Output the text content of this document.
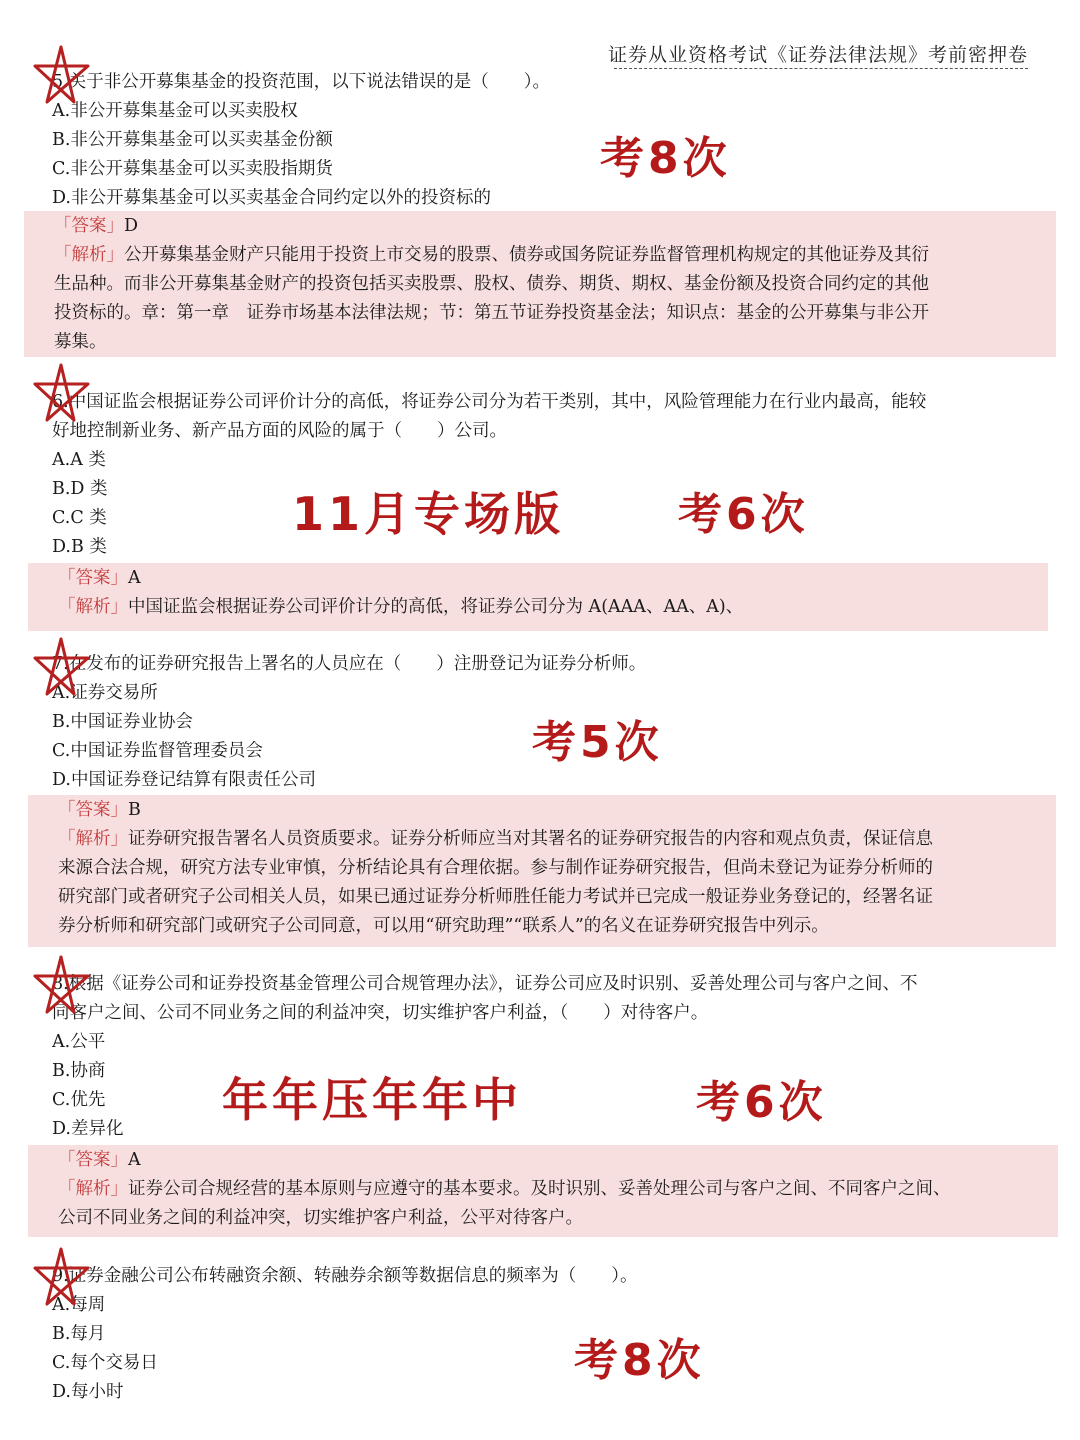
证券从业资格考试《证券法律法规》考前密押卷
5.关于非公开募集基金的投资范围，以下说法错误的是（　　）。
A.非公开募集基金可以买卖股权
B.非公开募集基金可以买卖基金份额
C.非公开募集基金可以买卖股指期货
D.非公开募集基金可以买卖基金合同约定以外的投资标的
「答案」D
「解析」公开募集基金财产只能用于投资上市交易的股票、债券或国务院证券监督管理机构规定的其他证券及其衍
生品种。而非公开募集基金财产的投资包括买卖股票、股权、债券、期货、期权、基金份额及投资合同约定的其他
投资标的。章：第一章　证券市场基本法律法规；节：第五节证券投资基金法；知识点：基金的公开募集与非公开
募集。
6.中国证监会根据证券公司评价计分的高低，将证券公司分为若干类别，其中，风险管理能力在行业内最高，能较
好地控制新业务、新产品方面的风险的属于（　　）公司。
A.A 类
B.D 类
C.C 类
D.B 类
「答案」A
「解析」中国证监会根据证券公司评价计分的高低，将证券公司分为 A(AAA、AA、A)、
7.在发布的证券研究报告上署名的人员应在（　　）注册登记为证券分析师。
A.证券交易所
B.中国证券业协会
C.中国证券监督管理委员会
D.中国证券登记结算有限责任公司
「答案」B
「解析」证券研究报告署名人员资质要求。证券分析师应当对其署名的证券研究报告的内容和观点负责，保证信息
来源合法合规，研究方法专业审慎，分析结论具有合理依据。参与制作证券研究报告，但尚未登记为证券分析师的
研究部门或者研究子公司相关人员，如果已通过证券分析师胜任能力考试并已完成一般证券业务登记的，经署名证
券分析师和研究部门或研究子公司同意，可以用“研究助理”“联系人”的名义在证券研究报告中列示。
8.根据《证券公司和证券投资基金管理公司合规管理办法》，证券公司应及时识别、妥善处理公司与客户之间、不
同客户之间、公司不同业务之间的利益冲突，切实维护客户利益，（　　）对待客户。
A.公平
B.协商
C.优先
D.差异化
「答案」A
「解析」证券公司合规经营的基本原则与应遵守的基本要求。及时识别、妥善处理公司与客户之间、不同客户之间、
公司不同业务之间的利益冲突，切实维护客户利益，公平对待客户。
9.证券金融公司公布转融资余额、转融券余额等数据信息的频率为（　　）。
A.每周
B.每月
C.每个交易日
D.每小时
考8次
11月专场版	考6次
考5次
年年压年年中	考6次
考8次
